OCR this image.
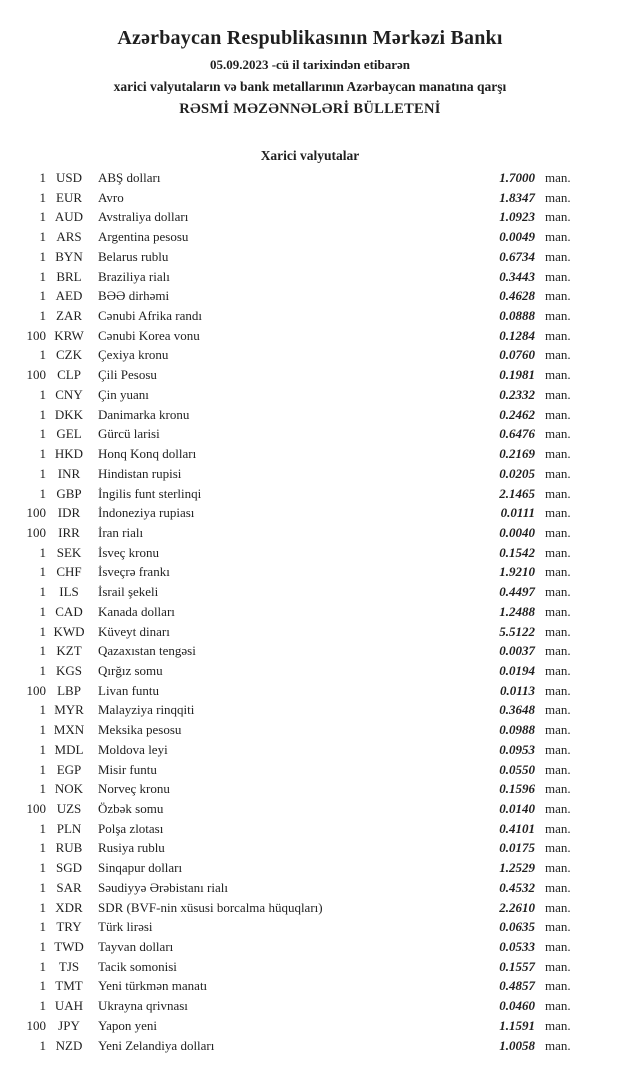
Azərbaycan Respublikasının Mərkəzi Bankı
05.09.2023 -cü il tarixindən etibarən
xarici valyutaların və bank metallarının Azərbaycan manatına qarşı
RƏSMİ MƏZƏNNƏLƏRİ BÜLLETENİ
Xarici valyutalar
1 USD	ABŞ dolları	1.7000 man.
1 EUR	Avro	1.8347 man.
1 AUD	Avstraliya dolları	1.0923 man.
1 ARS	Argentina pesosu	0.0049 man.
1 BYN	Belarus rublu	0.6734 man.
1 BRL	Braziliya rialı	0.3443 man.
1 AED	BƏƏ dirhəmi	0.4628 man.
1 ZAR	Cənubi Afrika randı	0.0888 man.
100 KRW	Cənubi Korea vonu	0.1284 man.
1 CZK	Çexiya kronu	0.0760 man.
100 CLP	Çili Pesosu	0.1981 man.
1 CNY	Çin yuanı	0.2332 man.
1 DKK	Danimarka kronu	0.2462 man.
1 GEL	Gürcü larisi	0.6476 man.
1 HKD	Honq Konq dolları	0.2169 man.
1 INR	Hindistan rupisi	0.0205 man.
1 GBP	İngilis funt sterlinqi	2.1465 man.
100 IDR	İndoneziya rupiası	0.0111 man.
100 IRR	İran rialı	0.0040 man.
1 SEK	İsveç kronu	0.1542 man.
1 CHF	İsveçrə frankı	1.9210 man.
1	ILS	İsrail şekeli	0.4497 man.
1 CAD	Kanada dolları	1.2488 man.
1 KWD	Küveyt dinarı	5.5122 man.
1 KZT	Qazaxıstan tengəsi	0.0037 man.
1 KGS	Qırğız somu	0.0194 man.
100 LBP	Livan funtu	0.0113 man.
1 MYR	Malayziya rinqqiti	0.3648 man.
1 MXN	Meksika pesosu	0.0988 man.
1 MDL	Moldova leyi	0.0953 man.
1 EGP	Misir funtu	0.0550 man.
1 NOK	Norveç kronu	0.1596 man.
100 UZS	Özbək somu	0.0140 man.
1 PLN	Polşa zlotası	0.4101 man.
1 RUB	Rusiya rublu	0.0175 man.
1 SGD	Sinqapur dolları	1.2529 man.
1 SAR	Səudiyyə Ərəbistanı rialı	0.4532 man.
1 XDR	SDR (BVF-nin xüsusi borcalma hüquqları)	2.2610 man.
1 TRY	Türk lirəsi	0.0635 man.
1 TWD	Tayvan dolları	0.0533 man.
1 TJS	Tacik somonisi	0.1557 man.
1 TMT	Yeni türkmən manatı	0.4857 man.
1 UAH	Ukrayna qrivnası	0.0460 man.
100 JPY	Yapon yeni	1.1591 man.
1 NZD	Yeni Zelandiya dolları	1.0058 man.
